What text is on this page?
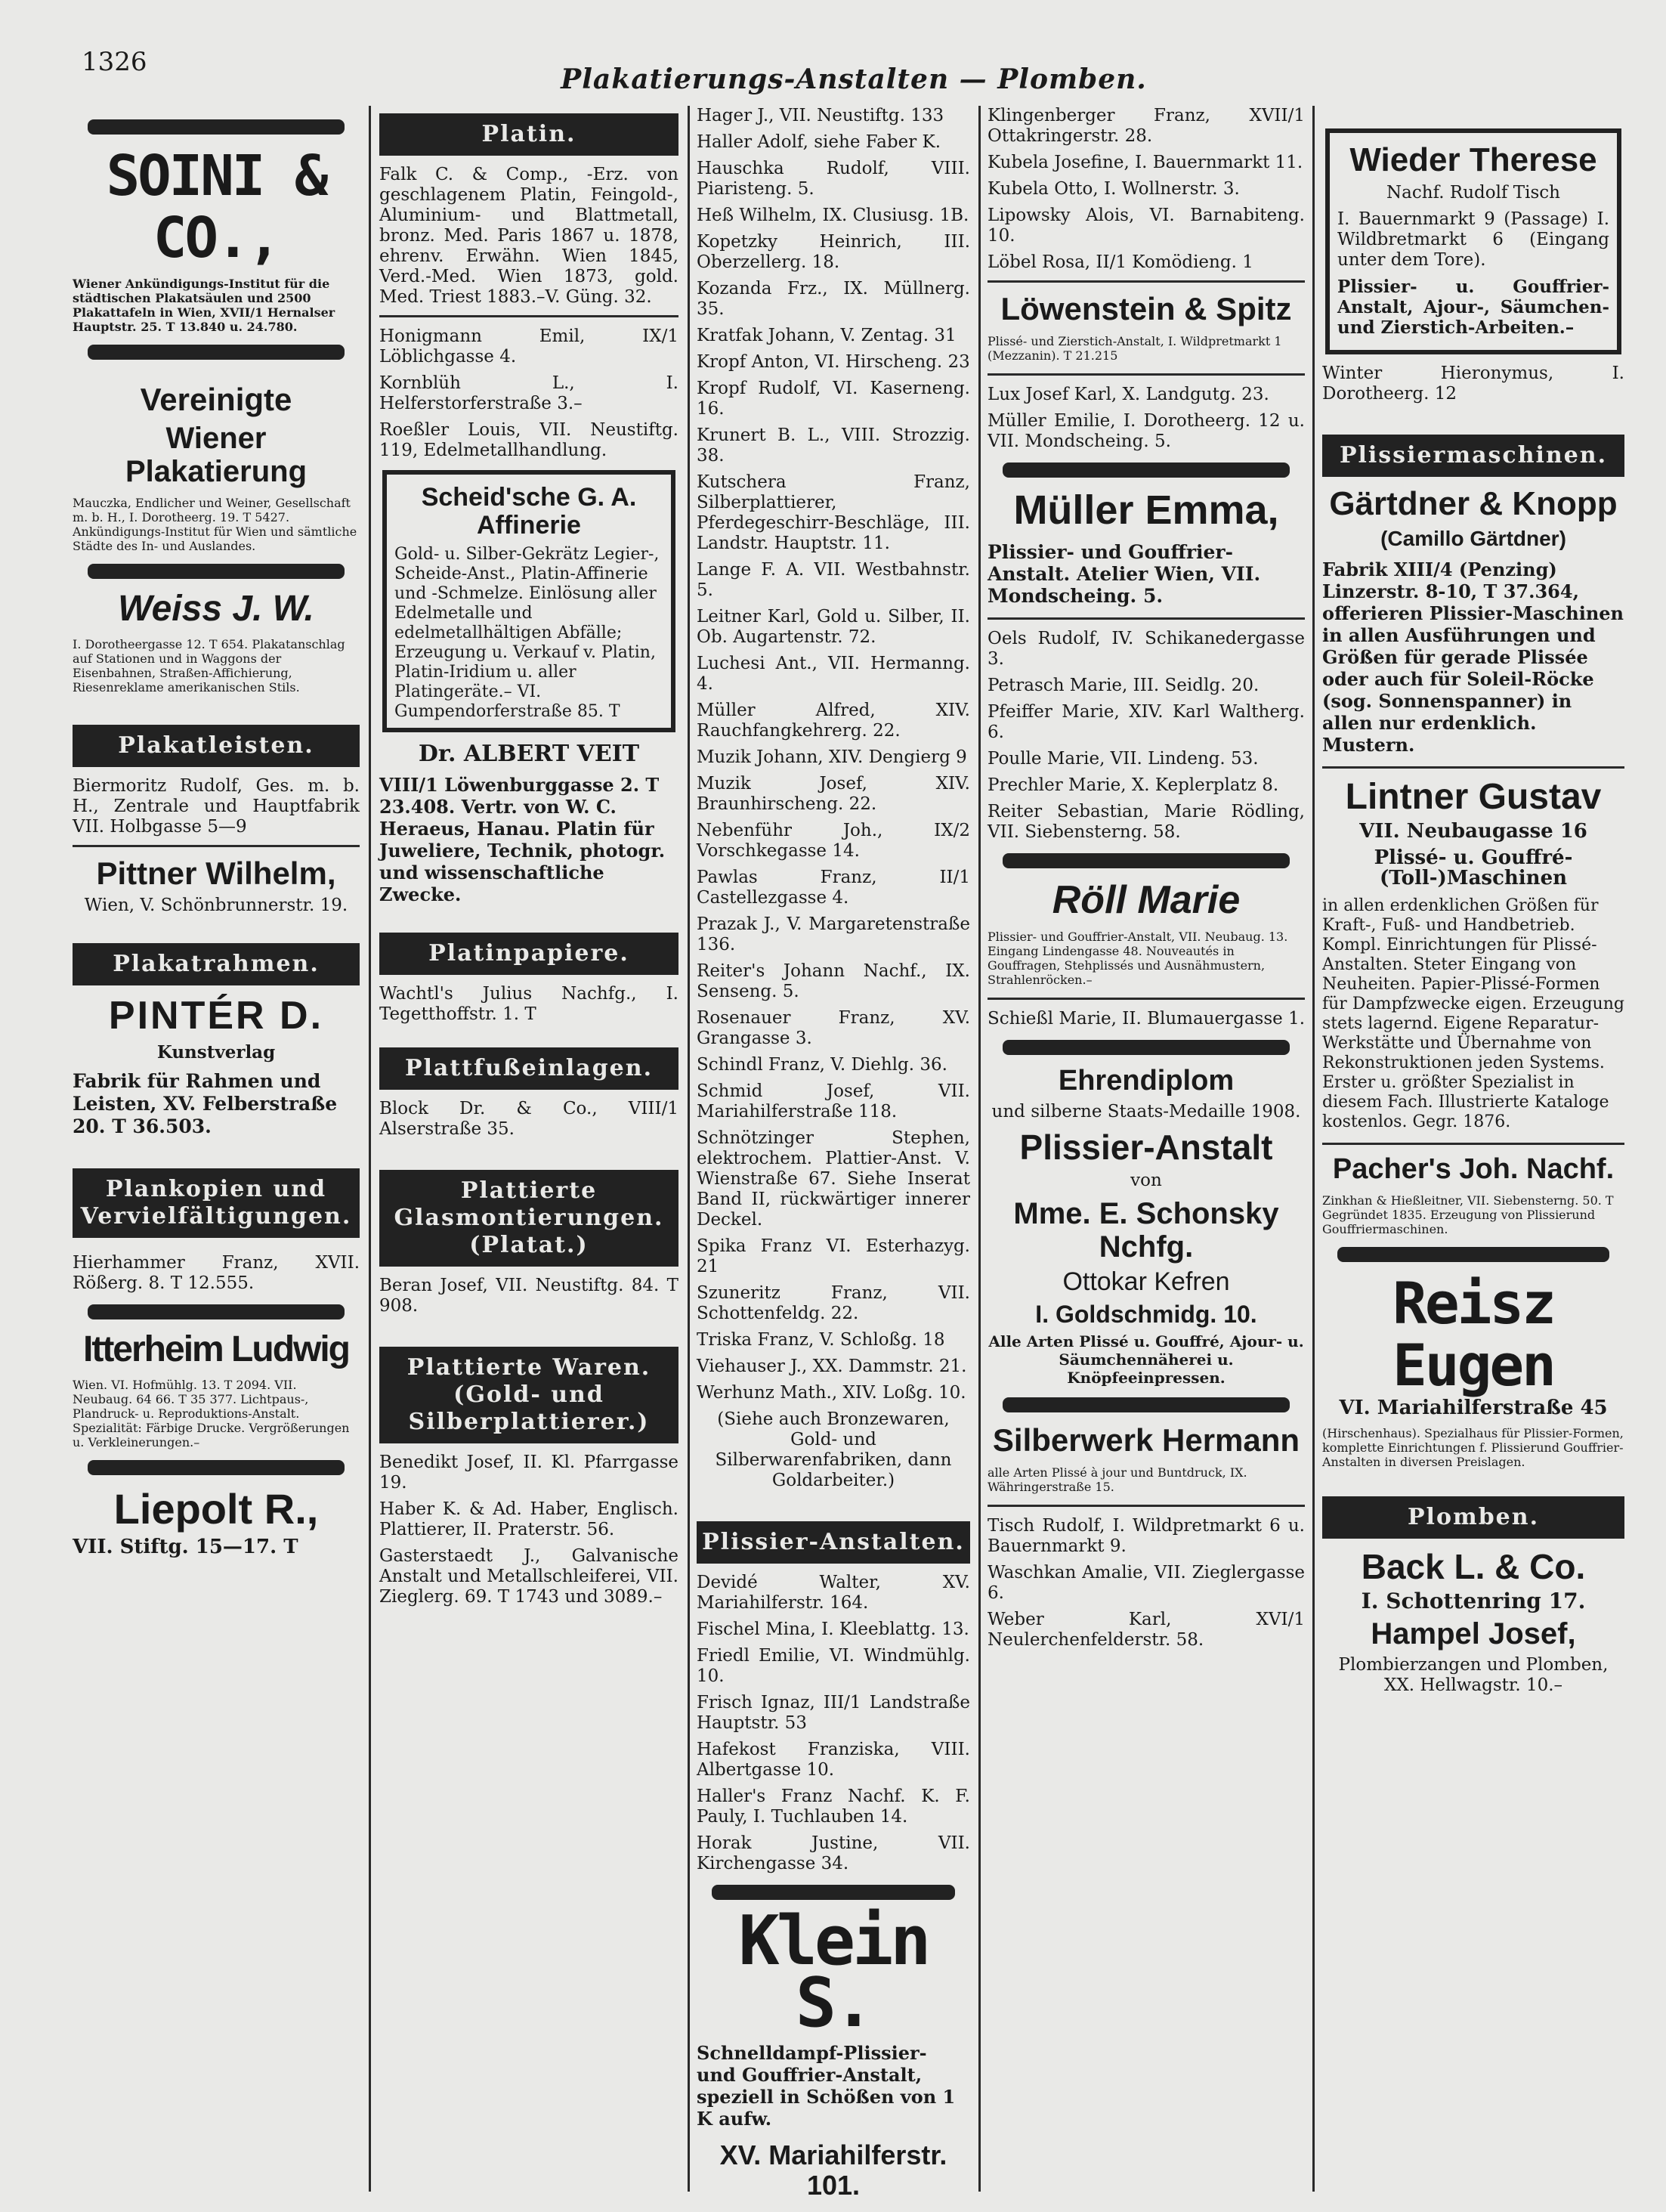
1326
Plakatierungs-Anstalten — Plomben.
SOINI & CO.,
Wiener Ankündigungs-Institut für die städtischen Plakatsäulen und 2500 Plakattafeln in Wien, XVII/1 Hernalser Hauptstr. 25. T 13.840 u. 24.780.
Vereinigte
Wiener Plakatierung
Mauczka, Endlicher und Weiner, Gesellschaft m. b. H., I. Dorotheerg. 19. T 5427. Ankündigungs-Institut für Wien und sämtliche Städte des In- und Auslandes.
Weiss J. W.
I. Dorotheergasse 12. T 654. Plakatanschlag auf Stationen und in Waggons der Eisenbahnen, Straßen-Affichierung, Riesenreklame amerikanischen Stils.
Plakatleisten.
Biermoritz Rudolf, Ges. m. b. H., Zentrale und Hauptfabrik VII. Holbgasse 5—9
Pittner Wilhelm,
Wien, V. Schönbrunnerstr. 19.
Plakatrahmen.
PINTÉR D.
Kunstverlag
Fabrik für Rahmen und Leisten, XV. Felberstraße 20. T 36.503.
Plankopien und Vervielfältigungen.
Hierhammer Franz, XVII. Rößerg. 8. T 12.555.
Itterheim Ludwig
Wien. VI. Hofmühlg. 13. T 2094. VII. Neubaug. 64 66. T 35 377. Lichtpaus-, Plandruck- u. Reproduktions-Anstalt. Spezialität: Färbige Drucke. Vergrößerungen u. Verkleinerungen.–
Liepolt R.,
VII. Stiftg. 15—17. T
Platin.
Falk C. & Comp., -Erz. von geschlagenem Platin, Feingold-, Aluminium- und Blattmetall, bronz. Med. Paris 1867 u. 1878, ehrenv. Erwähn. Wien 1845, Verd.-Med. Wien 1873, gold. Med. Triest 1883.–V. Güng. 32.
Honigmann Emil, IX/1 Löblichgasse 4.
Kornblüh L., I. Helferstorferstraße 3.–
Roeßler Louis, VII. Neustiftg. 119, Edelmetallhandlung.
Scheid'sche G. A. Affinerie
Gold- u. Silber-Gekrätz Legier-, Scheide-Anst., Platin-Affinerie und -Schmelze. Einlösung aller Edelmetalle und edelmetallhältigen Abfälle; Erzeugung u. Verkauf v. Platin, Platin-Iridium u. aller Platingeräte.– VI. Gumpendorferstraße 85. T
Dr. ALBERT VEIT
VIII/1 Löwenburggasse 2. T 23.408. Vertr. von W. C. Heraeus, Hanau. Platin für Juweliere, Technik, photogr. und wissenschaftliche Zwecke.
Platinpapiere.
Wachtl's Julius Nachfg., I. Tegetthoffstr. 1. T
Plattfußeinlagen.
Block Dr. & Co., VIII/1 Alserstraße 35.
Plattierte Glasmontierungen. (Platat.)
Beran Josef, VII. Neustiftg. 84. T 908.
Plattierte Waren. (Gold- und Silberplattierer.)
Benedikt Josef, II. Kl. Pfarrgasse 19.
Haber K. & Ad. Haber, Englisch. Plattierer, II. Praterstr. 56.
Gasterstaedt J., Galvanische Anstalt und Metallschleiferei, VII. Zieglerg. 69. T 1743 und 3089.–
Hager J., VII. Neustiftg. 133
Haller Adolf, siehe Faber K.
Hauschka Rudolf, VIII. Piaristeng. 5.
Heß Wilhelm, IX. Clusiusg. 1B.
Kopetzky Heinrich, III. Oberzellerg. 18.
Kozanda Frz., IX. Müllnerg. 35.
Kratfak Johann, V. Zentag. 31
Kropf Anton, VI. Hirscheng. 23
Kropf Rudolf, VI. Kaserneng. 16.
Krunert B. L., VIII. Strozzig. 38.
Kutschera Franz, Silberplattierer, Pferdegeschirr-Beschläge, III. Landstr. Hauptstr. 11.
Lange F. A. VII. Westbahnstr. 5.
Leitner Karl, Gold u. Silber, II. Ob. Augartenstr. 72.
Luchesi Ant., VII. Hermanng. 4.
Müller Alfred, XIV. Rauchfangkehrerg. 22.
Muzik Johann, XIV. Dengierg 9
Muzik Josef, XIV. Braunhirscheng. 22.
Nebenführ Joh., IX/2 Vorschkegasse 14.
Pawlas Franz, II/1 Castellezgasse 4.
Prazak J., V. Margaretenstraße 136.
Reiter's Johann Nachf., IX. Senseng. 5.
Rosenauer Franz, XV. Grangasse 3.
Schindl Franz, V. Diehlg. 36.
Schmid Josef, VII. Mariahilferstraße 118.
Schnötzinger Stephen, elektrochem. Plattier-Anst. V. Wienstraße 67. Siehe Inserat Band II, rückwärtiger innerer Deckel.
Spika Franz VI. Esterhazyg. 21
Szuneritz Franz, VII. Schottenfeldg. 22.
Triska Franz, V. Schloßg. 18
Viehauser J., XX. Dammstr. 21.
Werhunz Math., XIV. Loßg. 10.
(Siehe auch Bronzewaren, Gold- und Silberwarenfabriken, dann Goldarbeiter.)
Plissier-Anstalten.
Devidé Walter, XV. Mariahilferstr. 164.
Fischel Mina, I. Kleeblattg. 13.
Friedl Emilie, VI. Windmühlg. 10.
Frisch Ignaz, III/1 Landstraße Hauptstr. 53
Hafekost Franziska, VIII. Albertgasse 10.
Haller's Franz Nachf. K. F. Pauly, I. Tuchlauben 14.
Horak Justine, VII. Kirchengasse 34.
Klein S.
Schnelldampf-Plissier- und Gouffrier-Anstalt, speziell in Schößen von 1 K aufw.
XV. Mariahilferstr. 101.
Klingenberger Franz, XVII/1 Ottakringerstr. 28.
Kubela Josefine, I. Bauernmarkt 11.
Kubela Otto, I. Wollnerstr. 3.
Lipowsky Alois, VI. Barnabiteng. 10.
Löbel Rosa, II/1 Komödieng. 1
Löwenstein & Spitz
Plissé- und Zierstich-Anstalt, I. Wildpretmarkt 1 (Mezzanin). T 21.215
Lux Josef Karl, X. Landgutg. 23.
Müller Emilie, I. Dorotheerg. 12 u. VII. Mondscheing. 5.
Müller Emma,
Plissier- und Gouffrier-Anstalt. Atelier Wien, VII. Mondscheing. 5.
Oels Rudolf, IV. Schikanedergasse 3.
Petrasch Marie, III. Seidlg. 20.
Pfeiffer Marie, XIV. Karl Waltherg. 6.
Poulle Marie, VII. Lindeng. 53.
Prechler Marie, X. Keplerplatz 8.
Reiter Sebastian, Marie Rödling, VII. Siebensterng. 58.
Röll Marie
Plissier- und Gouffrier-Anstalt, VII. Neubaug. 13. Eingang Lindengasse 48. Nouveautés in Gouffragen, Stehplissés und Ausnähmustern, Strahlenröcken.–
Schießl Marie, II. Blumauergasse 1.
Ehrendiplom
und silberne Staats-Medaille 1908.
Plissier-Anstalt
von
Mme. E. Schonsky Nchfg.
Ottokar Kefren
I. Goldschmidg. 10.
Alle Arten Plissé u. Gouffré, Ajour- u. Säumchennäherei u. Knöpfeeinpressen.
Silberwerk Hermann
alle Arten Plissé à jour und Buntdruck, IX. Währingerstraße 15.
Tisch Rudolf, I. Wildpretmarkt 6 u. Bauernmarkt 9.
Waschkan Amalie, VII. Zieglergasse 6.
Weber Karl, XVI/1 Neulerchenfelderstr. 58.
Wieder Therese
Nachf. Rudolf Tisch
I. Bauernmarkt 9 (Passage) I. Wildbretmarkt 6 (Eingang unter dem Tore).
Plissier- u. Gouffrier-Anstalt, Ajour-, Säumchen- und Zierstich-Arbeiten.–
Winter Hieronymus, I. Dorotheerg. 12
Plissiermaschinen.
Gärtdner & Knopp
(Camillo Gärtdner)
Fabrik XIII/4 (Penzing) Linzerstr. 8-10, T 37.364, offerieren Plissier-Maschinen in allen Ausführungen und Größen für gerade Plissée oder auch für Soleil-Röcke (sog. Sonnenspanner) in allen nur erdenklich. Mustern.
Lintner Gustav
VII. Neubaugasse 16
Plissé- u. Gouffré-(Toll-)Maschinen
in allen erdenklichen Größen für Kraft-, Fuß- und Handbetrieb. Kompl. Einrichtungen für Plissé-Anstalten. Steter Eingang von Neuheiten. Papier-Plissé-Formen für Dampfzwecke eigen. Erzeugung stets lagernd. Eigene Reparatur-Werkstätte und Übernahme von Rekonstruktionen jeden Systems. Erster u. größter Spezialist in diesem Fach. Illustrierte Kataloge kostenlos. Gegr. 1876.
Pacher's Joh. Nachf.
Zinkhan & Hießleitner, VII. Siebensterng. 50. T Gegründet 1835. Erzeugung von Plissierund Gouffriermaschinen.
Reisz Eugen
VI. Mariahilferstraße 45
(Hirschenhaus). Spezialhaus für Plissier-Formen, komplette Einrichtungen f. Plissierund Gouffrier-Anstalten in diversen Preislagen.
Plomben.
Back L. & Co.
I. Schottenring 17.
Hampel Josef,
Plombierzangen und Plomben, XX. Hellwagstr. 10.–
